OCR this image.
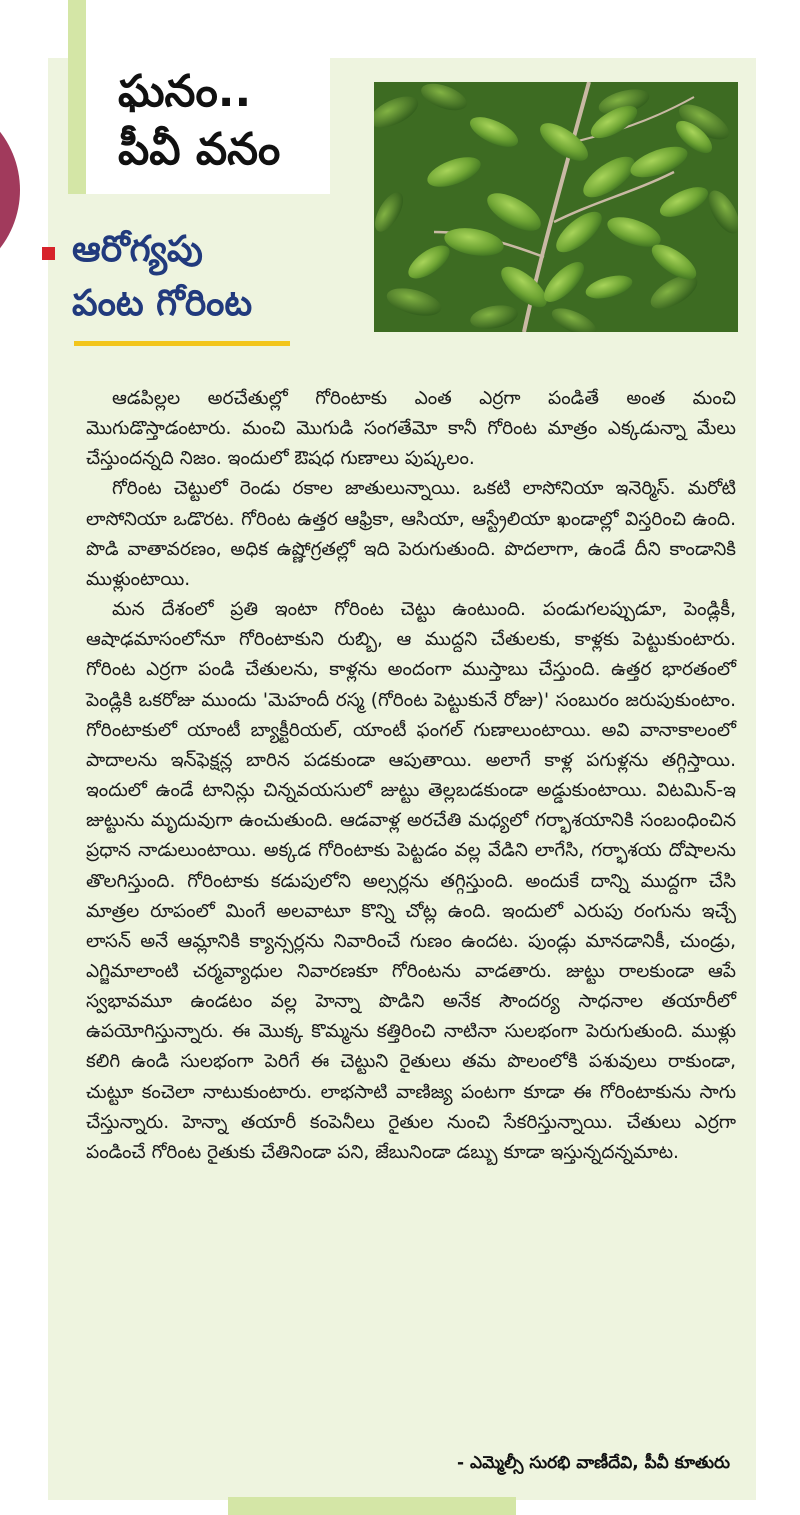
ఘనం..
పీవీ వనం
ఆరోగ్యపు
పంట గోరింట

ఆడపిల్లల అరచేతుల్లో గోరింటాకు ఎంత ఎర్రగా పండితే అంత మంచి మొగుడొస్తాడంటారు. మంచి మొగుడి సంగతేమో కానీ గోరింట మాత్రం ఎక్కడున్నా మేలు చేస్తుందన్నది నిజం. ఇందులో ఔషధ గుణాలు పుష్కలం.

గోరింట చెట్టులో రెండు రకాల జాతులున్నాయి. ఒకటి లాసోనియా ఇనెర్మిస్. మరోటి లాసోనియా ఒడొరట. గోరింట ఉత్తర ఆఫ్రికా, ఆసియా, ఆస్ట్రేలియా ఖండాల్లో విస్తరించి ఉంది. పొడి వాతావరణం, అధిక ఉష్ణోగ్రతల్లో ఇది పెరుగుతుంది. పొదలాగా, ఉండే దీని కాండానికి ముళ్లుంటాయి.

మన దేశంలో ప్రతి ఇంటా గోరింట చెట్టు ఉంటుంది. పండుగలప్పుడూ, పెండ్లికీ, ఆషాఢమాసంలోనూ గోరింటాకుని రుబ్బి, ఆ ముద్దని చేతులకు, కాళ్లకు పెట్టుకుంటారు. గోరింట ఎర్రగా పండి చేతులను, కాళ్లను అందంగా ముస్తాబు చేస్తుంది. ఉత్తర భారతంలో పెండ్లికి ఒకరోజు ముందు 'మెహందీ రస్మ (గోరింట పెట్టుకునే రోజు)' సంబురం జరుపుకుంటాం. గోరింటాకులో యాంటీ బ్యాక్టీరియల్, యాంటీ ఫంగల్ గుణాలుంటాయి. అవి వానాకాలంలో పాదాలను ఇన్‌ఫెక్షన్ల బారిన పడకుండా ఆపుతాయి. అలాగే కాళ్ల పగుళ్లను తగ్గిస్తాయి. ఇందులో ఉండే టానిన్లు చిన్నవయసులో జుట్టు తెల్లబడకుండా అడ్డుకుంటాయి. విటమిన్-ఇ జుట్టును మృదువుగా ఉంచుతుంది. ఆడవాళ్ల అరచేతి మధ్యలో గర్భాశయానికి సంబంధించిన ప్రధాన నాడులుంటాయి. అక్కడ గోరింటాకు పెట్టడం వల్ల వేడిని లాగేసి, గర్భాశయ దోషాలను తొలగిస్తుంది. గోరింటాకు కడుపులోని అల్సర్లను తగ్గిస్తుంది. అందుకే దాన్ని ముద్దగా చేసి మాత్రల రూపంలో మింగే అలవాటూ కొన్ని చోట్ల ఉంది. ఇందులో ఎరుపు రంగును ఇచ్చే లాసన్ అనే ఆమ్లానికి క్యాన్సర్లను నివారించే గుణం ఉందట. పుండ్లు మానడానికీ, చుండ్రు, ఎగ్జిమాలాంటి చర్మవ్యాధుల నివారణకూ గోరింటను వాడతారు. జుట్టు రాలకుండా ఆపే స్వభావమూ ఉండటం వల్ల హెన్నా పొడిని అనేక సౌందర్య సాధనాల తయారీలో ఉపయోగిస్తున్నారు. ఈ మొక్క కొమ్మను కత్తిరించి నాటినా సులభంగా పెరుగుతుంది. ముళ్లు కలిగి ఉండి సులభంగా పెరిగే ఈ చెట్టుని రైతులు తమ పొలంలోకి పశువులు రాకుండా, చుట్టూ కంచెలా నాటుకుంటారు. లాభసాటి వాణిజ్య పంటగా కూడా ఈ గోరింటాకును సాగు చేస్తున్నారు. హెన్నా తయారీ కంపెనీలు రైతుల నుంచి సేకరిస్తున్నాయి. చేతులు ఎర్రగా పండించే గోరింట రైతుకు చేతినిండా పని, జేబునిండా డబ్బు కూడా ఇస్తున్నదన్నమాట.

- ఎమ్మెల్సీ సురభి వాణీదేవి, పీవీ కూతురు
